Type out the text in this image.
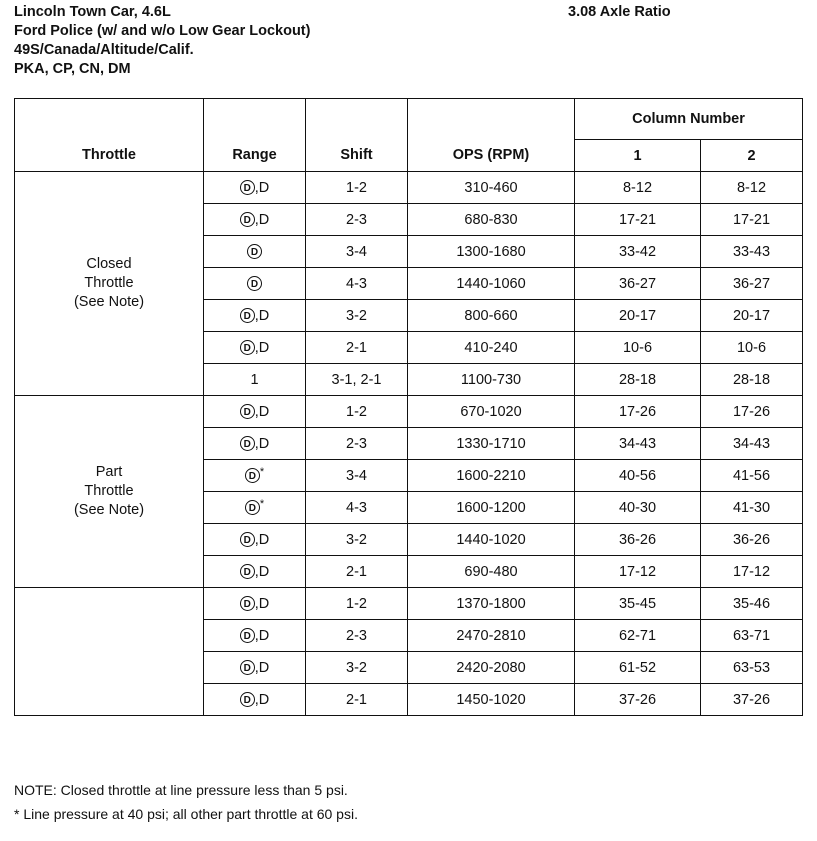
Lincoln Town Car, 4.6L
Ford Police (w/ and w/o Low Gear Lockout)
49S/Canada/Altitude/Calif.
PKA, CP, CN, DM
3.08 Axle Ratio
Throttle	Range	Shift	OPS (RPM)	Column Number	
				1	2

Closed
Throttle
(See Note)	D ,D	1-2	310-460	8-12	8-12
	D ,D	2-3	680-830	17-21	17-21
	D	3-4	1300-1680	33-42	33-43
	D	4-3	1440-1060	36-27	36-27
	D ,D	3-2	800-660	20-17	20-17
	D ,D	2-1	410-240	10-6	10-6
	1	3-1, 2-1	1100-730	28-18	28-18

Part
Throttle
(See Note)	D ,D	1-2	670-1020	17-26	17-26
	D ,D	2-3	1330-1710	34-43	34-43
	D *	3-4	1600-2210	40-56	41-56
	D *	4-3	1600-1200	40-30	41-30
	D ,D	3-2	1440-1020	36-26	36-26
	D ,D	2-1	690-480	17-12	17-12
	D ,D	1-2	1370-1800	35-45	35-46
	D ,D	2-3	2470-2810	62-71	63-71
	D ,D	3-2	2420-2080	61-52	63-53
	D ,D	2-1	1450-1020	37-26	37-26
NOTE: Closed throttle at line pressure less than 5 psi.
* Line pressure at 40 psi; all other part throttle at 60 psi.
